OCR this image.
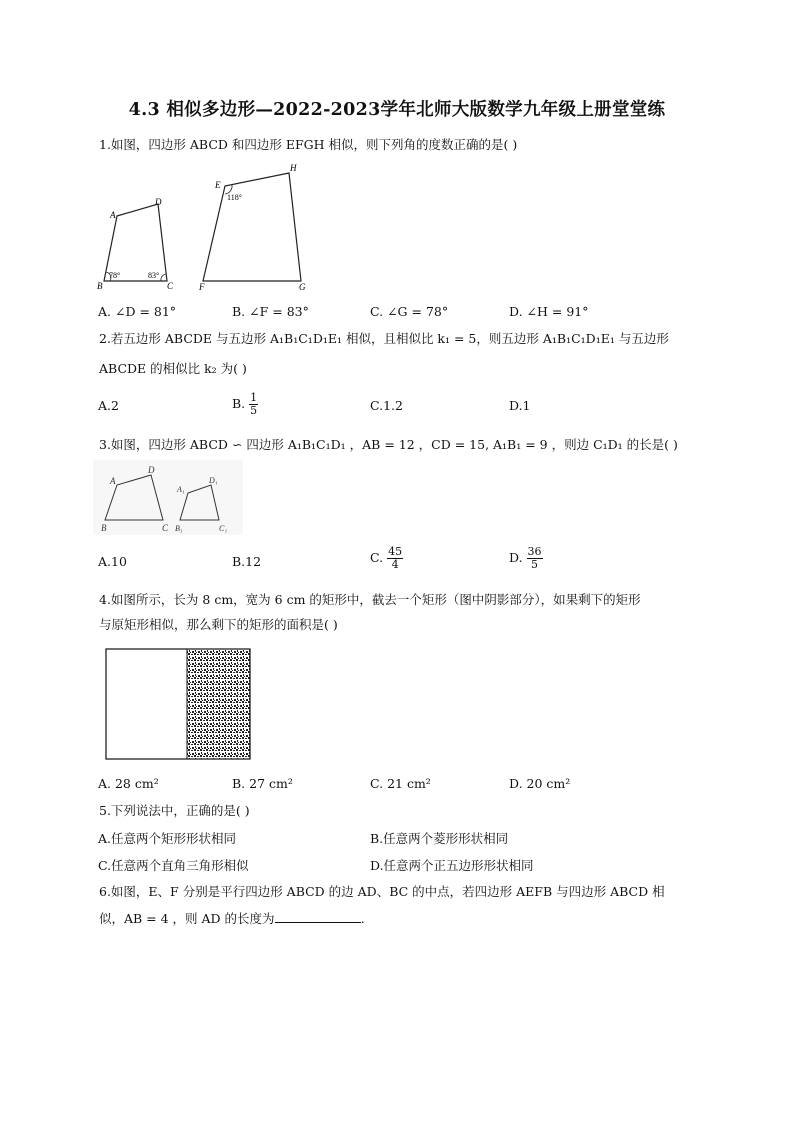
4.3 相似多边形—2022-2023学年北师大版数学九年级上册堂堂练
1.如图，四边形 ABCD 和四边形 EFGH 相似，则下列角的度数正确的是( )
A
B	C
D
E
F	G
H
78°	83°
118°
A. ∠D = 81°	B. ∠F = 83°	C. ∠G = 78°	D. ∠H = 91°
2.若五边形 ABCDE 与五边形 A₁B₁C₁D₁E₁ 相似，且相似比 k₁ = 5，则五边形 A₁B₁C₁D₁E₁ 与五边形
ABCDE 的相似比 k₂ 为( )
A.2	B. $\frac{1}{5}$	C.1.2	D.1
3.如图，四边形 ABCD ∽ 四边形 A₁B₁C₁D₁ ，AB = 12 ，CD = 15, A₁B₁ = 9 ，则边 C₁D₁ 的长是( )
A
B	C
D
A₁
B₁	C₁
D₁
A.10	B.12	C. $\frac{45}{4}$	D. $\frac{36}{5}$
4.如图所示，长为 8 cm，宽为 6 cm 的矩形中，截去一个矩形（图中阴影部分），如果剩下的矩形
与原矩形相似，那么剩下的矩形的面积是( )
A. 28 cm²	B. 27 cm²	C. 21 cm²	D. 20 cm²
5.下列说法中，正确的是( )
A.任意两个矩形形状相同	B.任意两个菱形形状相同
C.任意两个直角三角形相似	D.任意两个正五边形形状相同
6.如图，E、F 分别是平行四边形 ABCD 的边 AD、BC 的中点，若四边形 AEFB 与四边形 ABCD 相
似，AB = 4 ，则 AD 的长度为	.
